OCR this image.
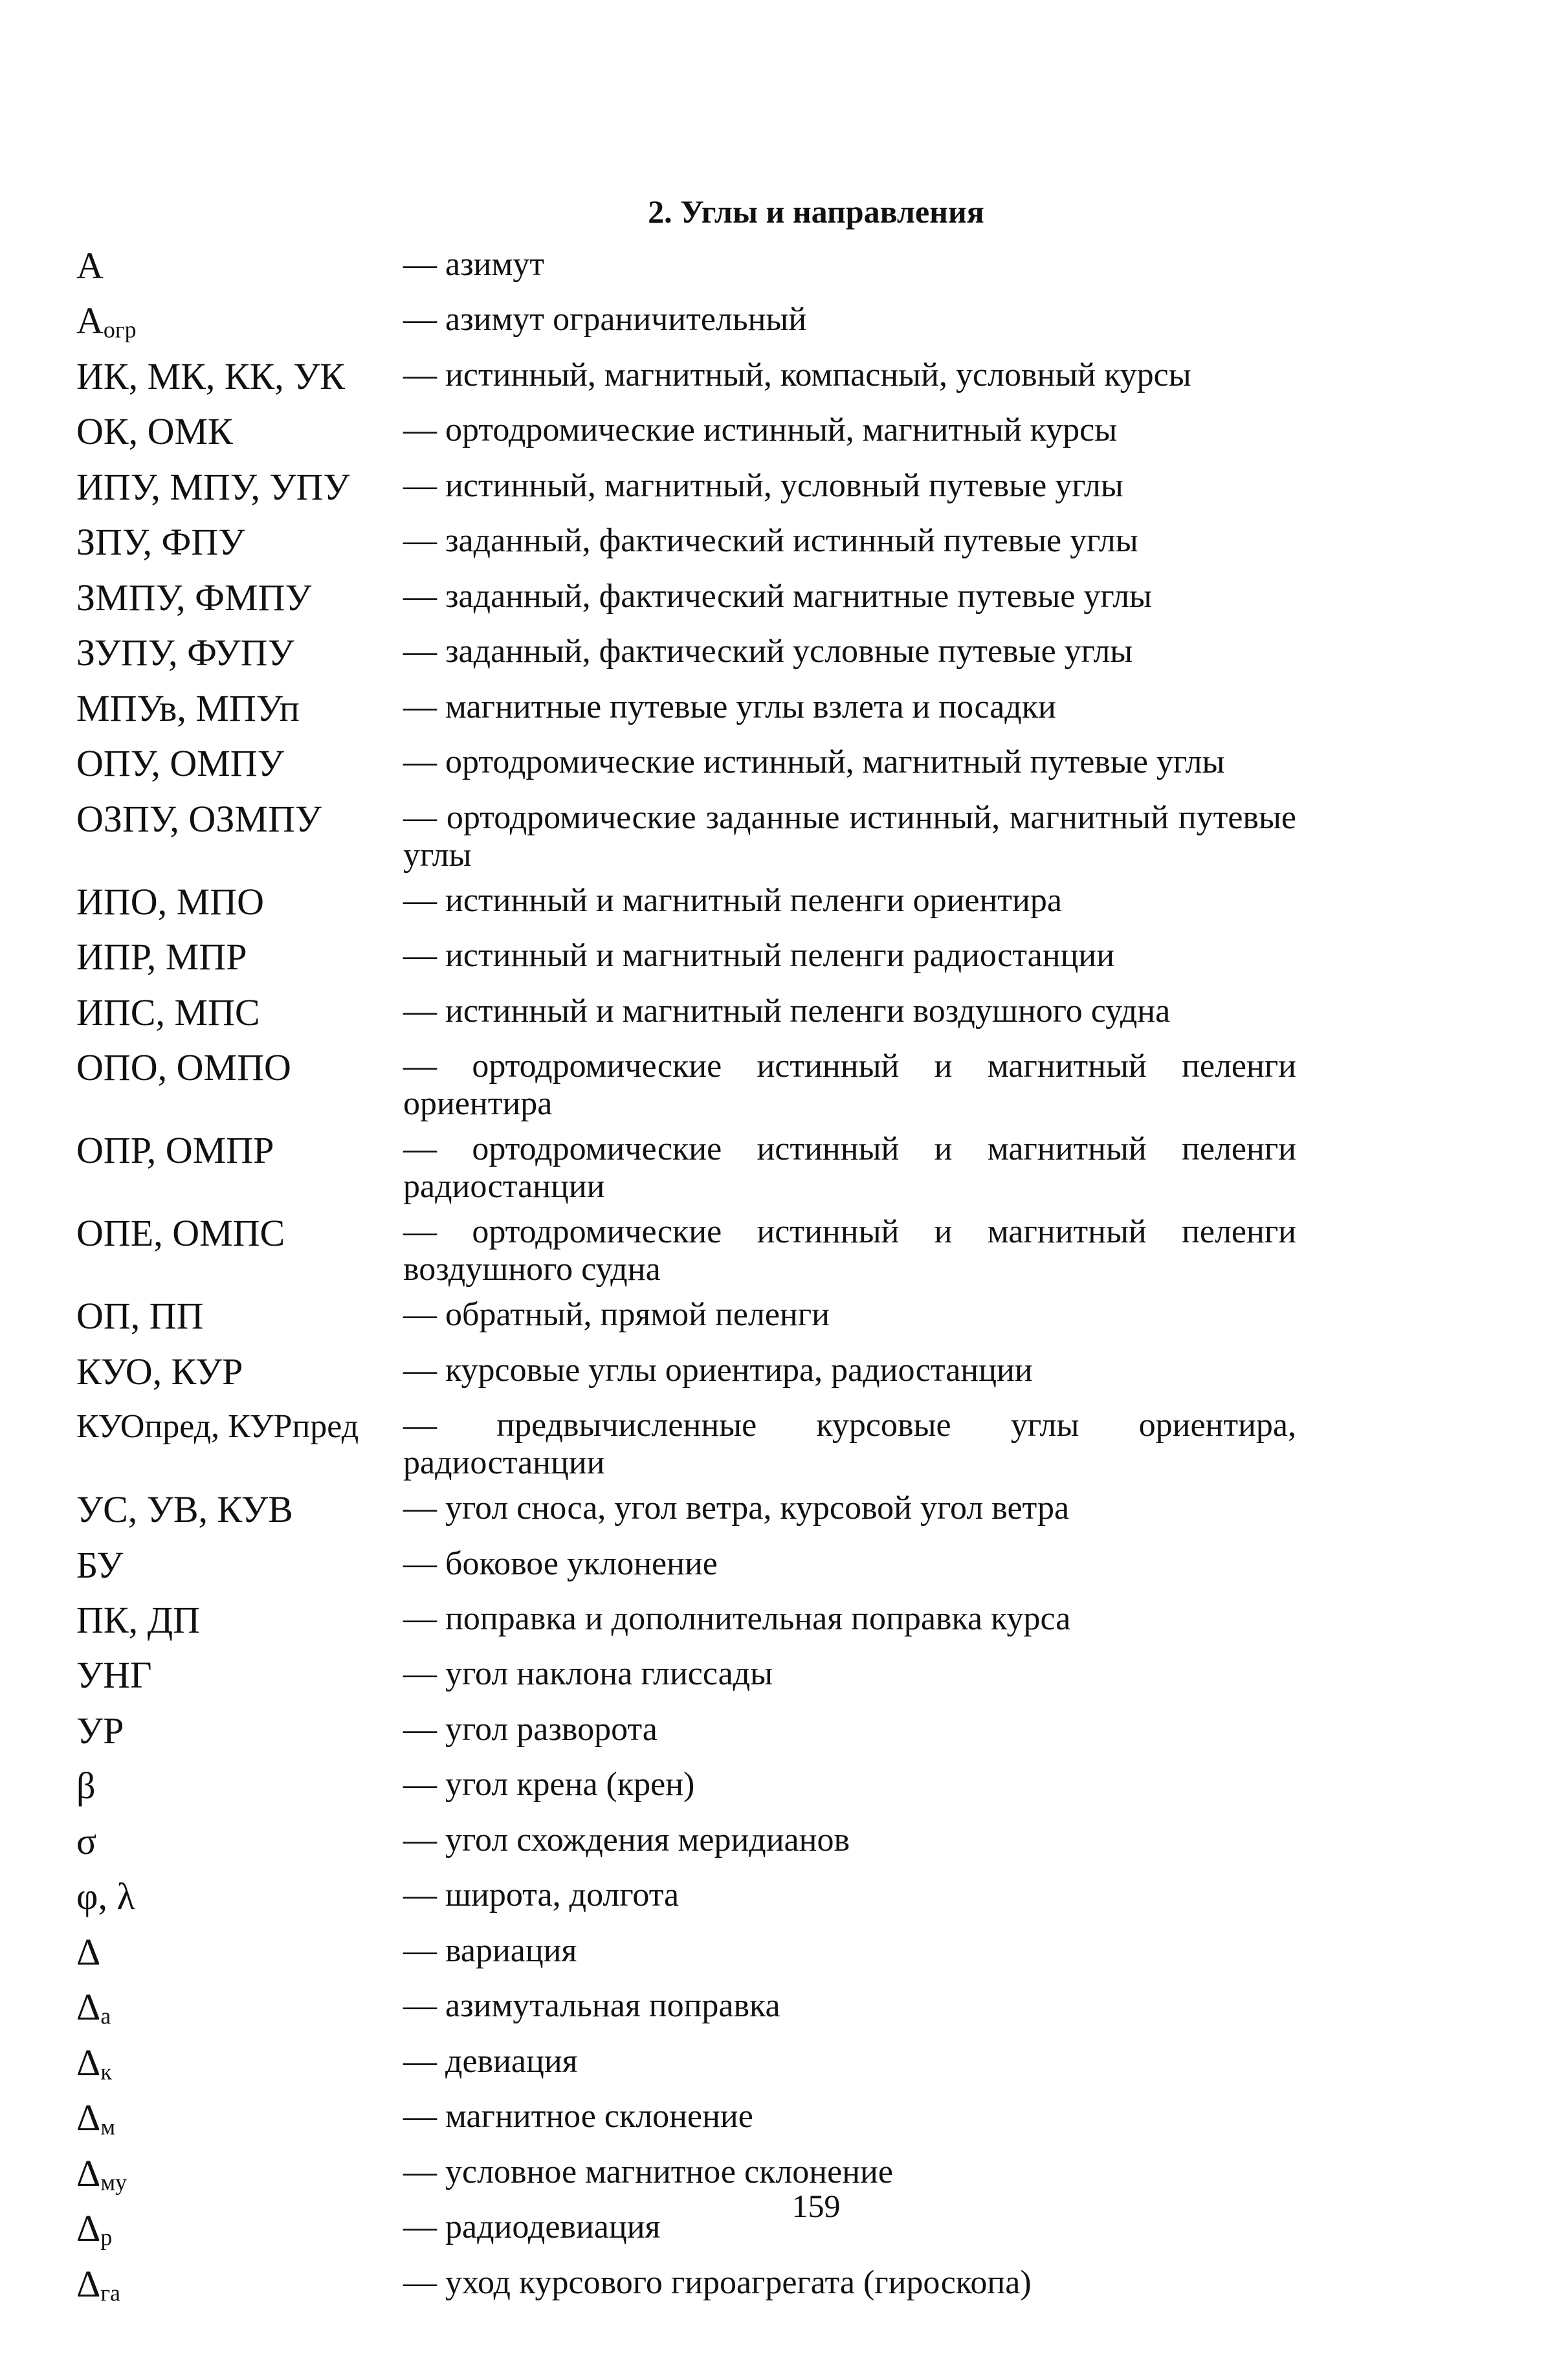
2. Углы и направления
А	— азимут
Аогр	— азимут ограничительный
ИК, МК, КК, УК	— истинный, магнитный, компасный, условный курсы
ОК, ОМК	— ортодромические истинный, магнитный курсы
ИПУ, МПУ, УПУ	— истинный, магнитный, условный путевые углы
ЗПУ, ФПУ	— заданный, фактический истинный путевые углы
ЗМПУ, ФМПУ	— заданный, фактический магнитные путевые углы
ЗУПУ, ФУПУ	— заданный, фактический условные путевые углы
МПУв, МПУп	— магнитные путевые углы взлета и посадки
ОПУ, ОМПУ	— ортодромические истинный, магнитный путевые углы
ОЗПУ, ОЗМПУ	— ортодромические заданные истинный, магнитный путевые углы
ИПО, МПО	— истинный и магнитный пеленги ориентира
ИПР, МПР	— истинный и магнитный пеленги радиостанции
ИПС, МПС	— истинный и магнитный пеленги воздушного судна
ОПО, ОМПО	— ортодромические истинный и магнитный пеленги ориентира
ОПР, ОМПР	— ортодромические истинный и магнитный пеленги радиостанции
ОПЕ, ОМПС	— ортодромические истинный и магнитный пеленги воздушного судна
ОП, ПП	— обратный, прямой пеленги
КУО, КУР	— курсовые углы ориентира, радиостанции
КУОпред, КУРпред	— предвычисленные курсовые углы ориентира, радиостанции
УС, УВ, КУВ	— угол сноса, угол ветра, курсовой угол ветра
БУ	— боковое уклонение
ПК, ДП	— поправка и дополнительная поправка курса
УНГ	— угол наклона глиссады
УР	— угол разворота
β	— угол крена (крен)
σ	— угол схождения меридианов
φ, λ	— широта, долгота
Δ	— вариация
Δа	— азимутальная поправка
Δк	— девиация
Δм	— магнитное склонение
Δму	— условное магнитное склонение
Δр	— радиодевиация
Δга	— уход курсового гироагрегата (гироскопа)
159
